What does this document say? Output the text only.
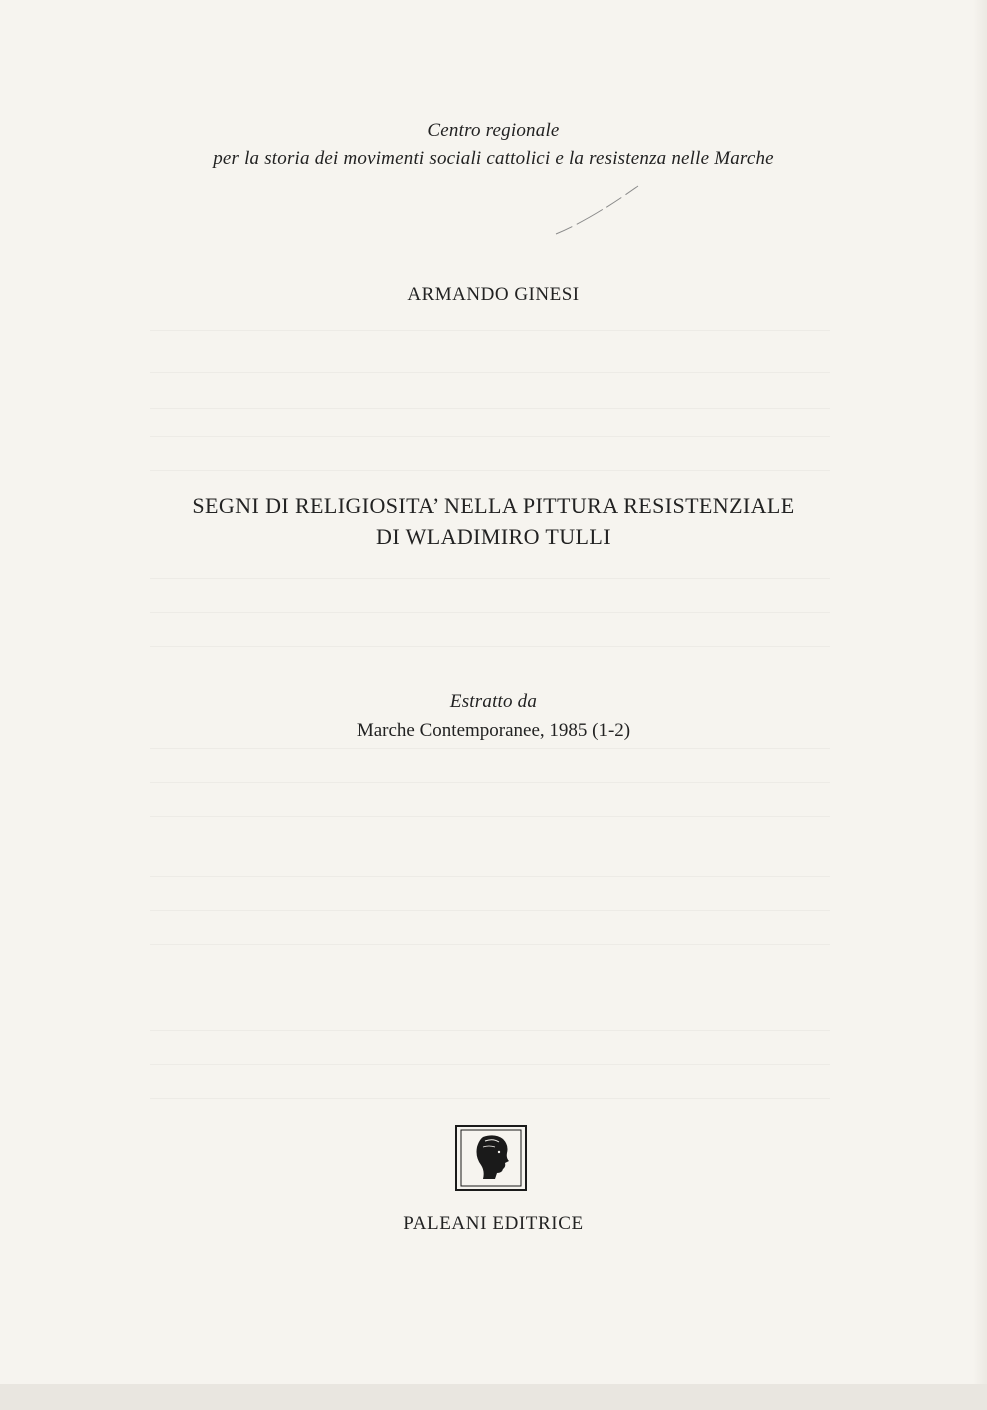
Centro regionale
per la storia dei movimenti sociali cattolici e la resistenza nelle Marche
ARMANDO GINESI
SEGNI DI RELIGIOSITA’ NELLA PITTURA RESISTENZIALE
DI WLADIMIRO TULLI
Estratto da
Marche Contemporanee, 1985 (1-2)
PALEANI EDITRICE
